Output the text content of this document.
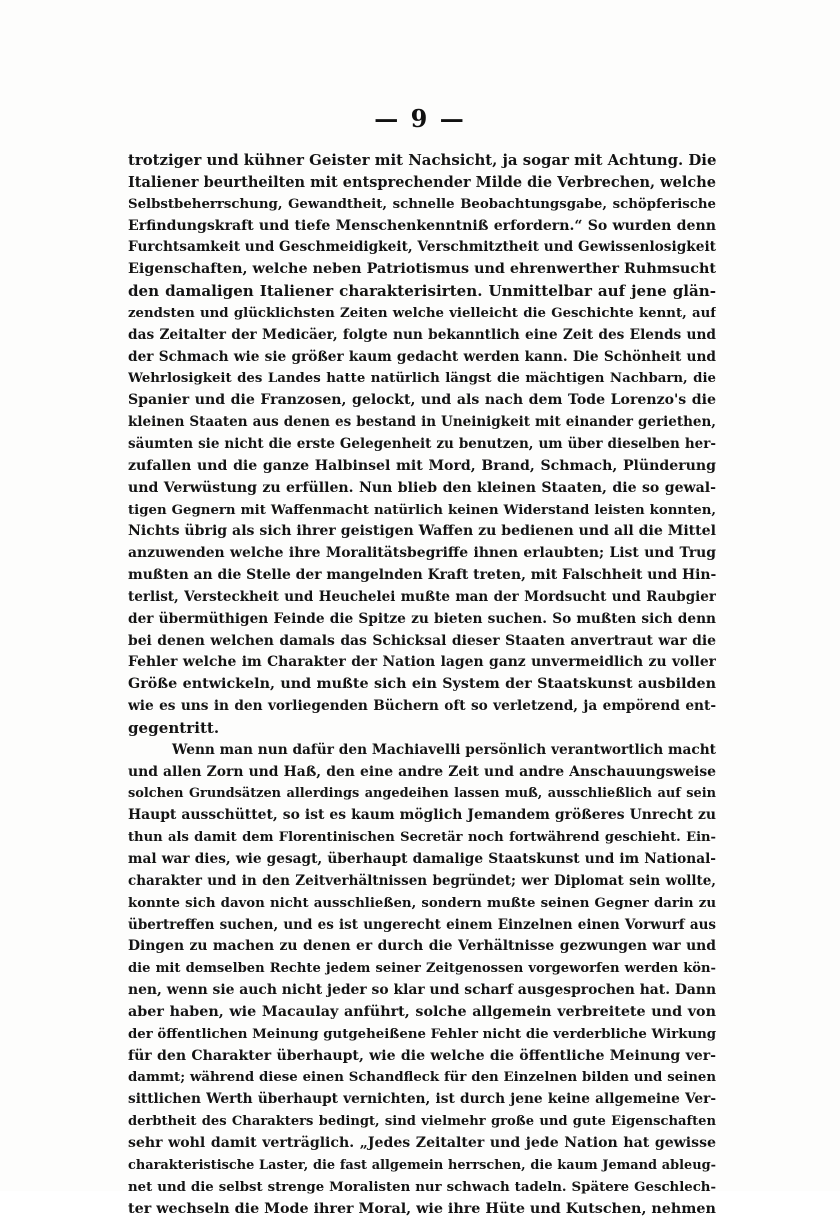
— 9 —
trotziger und kühner Geister mit Nachsicht, ja sogar mit Achtung. Die
Italiener beurtheilten mit entsprechender Milde die Verbrechen, welche
Selbstbeherrschung, Gewandtheit, schnelle Beobachtungsgabe, schöpferische
Erfindungskraft und tiefe Menschenkenntniß erfordern.“ So wurden denn
Furchtsamkeit und Geschmeidigkeit, Verschmitztheit und Gewissenlosigkeit
Eigenschaften, welche neben Patriotismus und ehrenwerther Ruhmsucht
den damaligen Italiener charakterisirten. Unmittelbar auf jene glän-
zendsten und glücklichsten Zeiten welche vielleicht die Geschichte kennt, auf
das Zeitalter der Medicäer, folgte nun bekanntlich eine Zeit des Elends und
der Schmach wie sie größer kaum gedacht werden kann. Die Schönheit und
Wehrlosigkeit des Landes hatte natürlich längst die mächtigen Nachbarn, die
Spanier und die Franzosen, gelockt, und als nach dem Tode Lorenzo's die
kleinen Staaten aus denen es bestand in Uneinigkeit mit einander geriethen,
säumten sie nicht die erste Gelegenheit zu benutzen, um über dieselben her-
zufallen und die ganze Halbinsel mit Mord, Brand, Schmach, Plünderung
und Verwüstung zu erfüllen. Nun blieb den kleinen Staaten, die so gewal-
tigen Gegnern mit Waffenmacht natürlich keinen Widerstand leisten konnten,
Nichts übrig als sich ihrer geistigen Waffen zu bedienen und all die Mittel
anzuwenden welche ihre Moralitätsbegriffe ihnen erlaubten; List und Trug
mußten an die Stelle der mangelnden Kraft treten, mit Falschheit und Hin-
terlist, Versteckheit und Heuchelei mußte man der Mordsucht und Raubgier
der übermüthigen Feinde die Spitze zu bieten suchen. So mußten sich denn
bei denen welchen damals das Schicksal dieser Staaten anvertraut war die
Fehler welche im Charakter der Nation lagen ganz unvermeidlich zu voller
Größe entwickeln, und mußte sich ein System der Staatskunst ausbilden
wie es uns in den vorliegenden Büchern oft so verletzend, ja empörend ent-
gegentritt.
Wenn man nun dafür den Machiavelli persönlich verantwortlich macht
und allen Zorn und Haß, den eine andre Zeit und andre Anschauungsweise
solchen Grundsätzen allerdings angedeihen lassen muß, ausschließlich auf sein
Haupt ausschüttet, so ist es kaum möglich Jemandem größeres Unrecht zu
thun als damit dem Florentinischen Secretär noch fortwährend geschieht. Ein-
mal war dies, wie gesagt, überhaupt damalige Staatskunst und im National-
charakter und in den Zeitverhältnissen begründet; wer Diplomat sein wollte,
konnte sich davon nicht ausschließen, sondern mußte seinen Gegner darin zu
übertreffen suchen, und es ist ungerecht einem Einzelnen einen Vorwurf aus
Dingen zu machen zu denen er durch die Verhältnisse gezwungen war und
die mit demselben Rechte jedem seiner Zeitgenossen vorgeworfen werden kön-
nen, wenn sie auch nicht jeder so klar und scharf ausgesprochen hat. Dann
aber haben, wie Macaulay anführt, solche allgemein verbreitete und von
der öffentlichen Meinung gutgeheißene Fehler nicht die verderbliche Wirkung
für den Charakter überhaupt, wie die welche die öffentliche Meinung ver-
dammt; während diese einen Schandfleck für den Einzelnen bilden und seinen
sittlichen Werth überhaupt vernichten, ist durch jene keine allgemeine Ver-
derbtheit des Charakters bedingt, sind vielmehr große und gute Eigenschaften
sehr wohl damit verträglich. „Jedes Zeitalter und jede Nation hat gewisse
charakteristische Laster, die fast allgemein herrschen, die kaum Jemand ableug-
net und die selbst strenge Moralisten nur schwach tadeln. Spätere Geschlech-
ter wechseln die Mode ihrer Moral, wie ihre Hüte und Kutschen, nehmen
